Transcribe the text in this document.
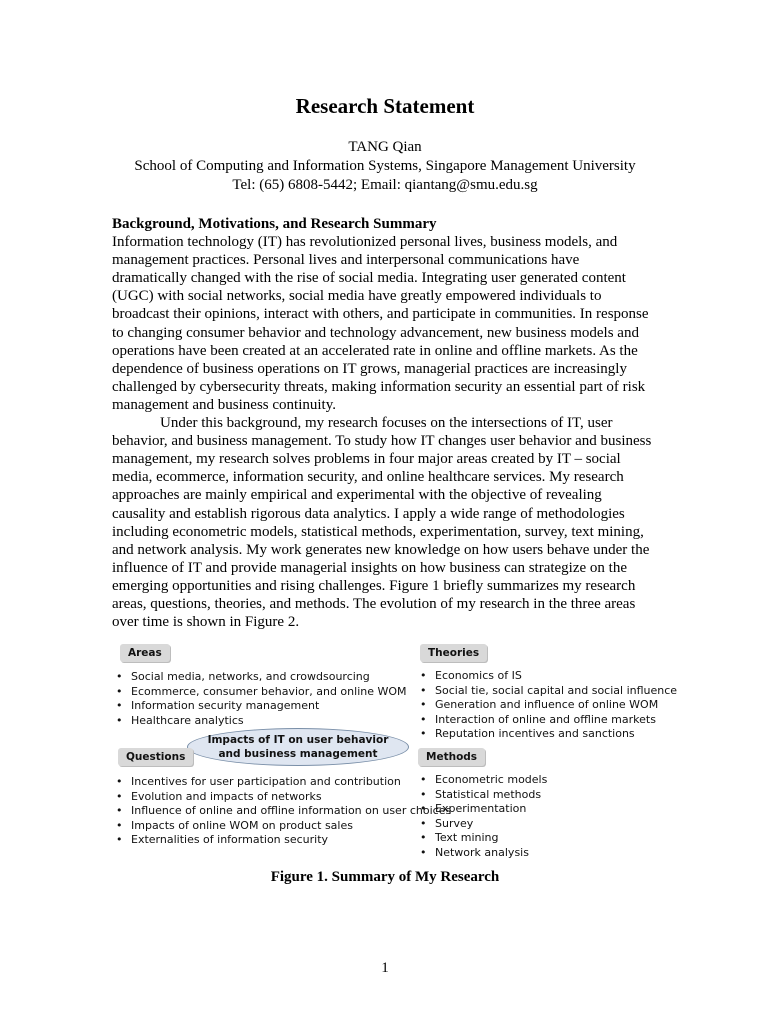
Research Statement
TANG Qian
School of Computing and Information Systems, Singapore Management University
Tel: (65) 6808-5442; Email: qiantang@smu.edu.sg
Background, Motivations, and Research Summary

Information technology (IT) has revolutionized personal lives, business models, and management practices. Personal lives and interpersonal communications have dramatically changed with the rise of social media. Integrating user generated content (UGC) with social networks, social media have greatly empowered individuals to broadcast their opinions, interact with others, and participate in communities. In response to changing consumer behavior and technology advancement, new business models and operations have been created at an accelerated rate in online and offline markets. As the dependence of business operations on IT grows, managerial practices are increasingly challenged by cybersecurity threats, making information security an essential part of risk management and business continuity.

Under this background, my research focuses on the intersections of IT, user behavior, and business management. To study how IT changes user behavior and business management, my research solves problems in four major areas created by IT – social media, ecommerce, information security, and online healthcare services. My research approaches are mainly empirical and experimental with the objective of revealing causality and establish rigorous data analytics. I apply a wide range of methodologies including econometric models, statistical methods, experimentation, survey, text mining, and network analysis. My work generates new knowledge on how users behave under the influence of IT and provide managerial insights on how business can strategize on the emerging opportunities and rising challenges. Figure 1 briefly summarizes my research areas, questions, theories, and methods. The evolution of my research in the three areas over time is shown in Figure 2.

Areas
• Social media, networks, and crowdsourcing
• Ecommerce, consumer behavior, and online WOM
• Information security management
• Healthcare analytics
Theories
• Economics of IS
• Social tie, social capital and social influence
• Generation and influence of online WOM
• Interaction of online and offline markets
• Reputation incentives and sanctions
Impacts of IT on user behavior
and business management
Questions
• Incentives for user participation and contribution
• Evolution and impacts of networks
• Influence of online and offline information on user choices
• Impacts of online WOM on product sales
• Externalities of information security
Methods
• Econometric models
• Statistical methods
• Experimentation
• Survey
• Text mining
• Network analysis
Figure 1. Summary of My Research
1
